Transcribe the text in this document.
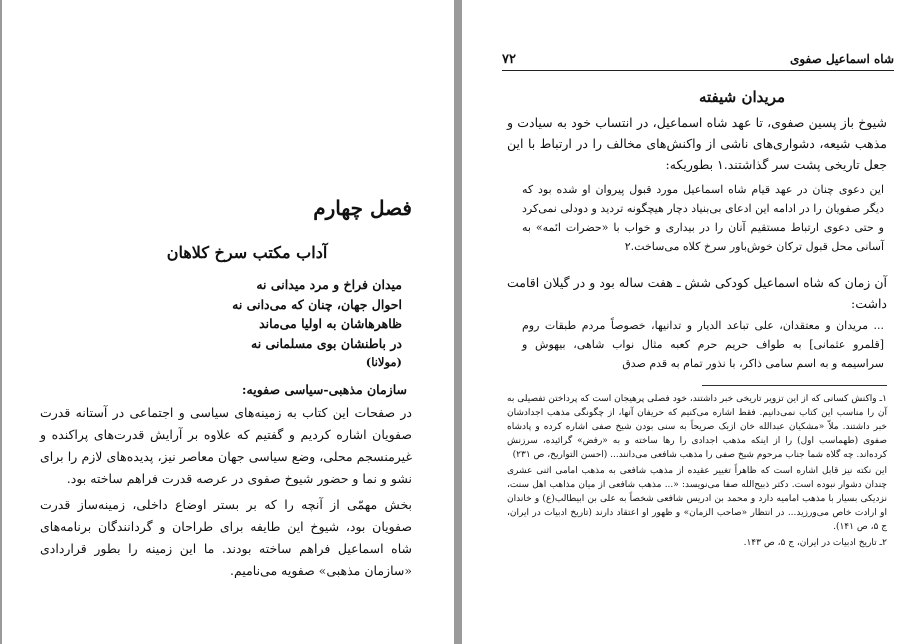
فصل چهارم
آداب مکتب سرخ کلاهان
میدان فراخ و مرد میدانی نه
احوال جهان، چنان که می‌دانی نه
ظاهرهاشان به اولیا می‌ماند
در باطنشان بوی مسلمانی نه
(مولانا)
سازمان مذهبی-سیاسی صفویه:

در صفحات این کتاب به زمینه‌های سیاسی و اجتماعی در آستانه قدرت صفویان اشاره کردیم و گفتیم که علاوه بر آرایش قدرت‌های پراکنده و غیرمنسجم محلی، وضع سیاسی جهان معاصر نیز، پدیده‌های لازم را برای نشو و نما و حضور شیوخ صفوی در عرصه قدرت فراهم ساخته بود.

بخش مهمّی از آنچه را که بر بستر اوضاع داخلی، زمینه‌ساز قدرت صفویان بود، شیوخ این طایفه برای طراحان و گردانندگان برنامه‌های شاه اسماعیل فراهم ساخته بودند. ما این زمینه را بطور قراردادی «سازمان مذهبی» صفویه می‌نامیم.

۷۲	شاه اسماعیل صفوی
مریدان شیفته

شیوخ باز پسین صفوی، تا عهد شاه اسماعیل، در انتساب خود به سیادت و مذهب شیعه، دشواری‌های ناشی از واکنش‌های مخالف را در ارتباط با این جعل تاریخی پشت سر گذاشتند.۱ بطوریکه:

این دعوی چنان در عهد قیام شاه اسماعیل مورد قبول پیروان او شده بود که دیگر صفویان را در ادامه این ادعای بی‌بنیاد دچار هیچگونه تردید و دودلی نمی‌کرد و حتی دعوی ارتباط مستقیم آنان را در بیداری و خواب با «حضرات ائمه» به آسانی محل قبول ترکان خوش‌باور سرخ کلاه می‌ساخت.۲

آن زمان که شاه اسماعیل کودکی شش ـ هفت ساله بود و در گیلان اقامت داشت:

... مریدان و معتقدان، علی تباعد الدیار و تدانیها، خصوصاً مردم طبقات روم [قلمرو عثمانی] به طواف حریم حرم کعبه مثال نواب شاهی، بیهوش و سراسیمه و به اسم سامی ذاکر، با نذور تمام به قدم صدق

۱ـ واکنش کسانی که از این تزویر تاریخی خبر داشتند، خود فصلی پرهیجان است که پرداختن تفصیلی به آن را مناسب این کتاب نمی‌دانیم. فقط اشاره می‌کنیم که حریفان آنها، از چگونگی مذهب اجدادشان خبر داشتند. ملاّ «مشکیان عبدالله خان ازبک صریحاً به سنی بودن شیخ صفی اشاره کرده و پادشاه صفوی (طهماسب اول) را از اینکه مذهب اجدادی را رها ساخته و به «رفض» گرائیده، سرزنش کرده‌اند. چه گلاه شما جناب مرحوم شیخ صفی را مذهب شافعی می‌دانند... (احسن التواریخ، ص ۲۳۱)

این نکته نیز قابل اشاره است که ظاهراً تغییر عقیده از مذهب شافعی به مذهب امامی اثنی عشری چندان دشوار نبوده است. دکتر ذبیح‌الله صفا می‌نویسد: «... مذهب شافعی از میان مذاهب اهل سنت، نزدیکی بسیار با مذهب امامیه دارد و محمد بن ادریس شافعی شخصاً به علی بن ابیطالب(ع) و خاندان او ارادت خاص می‌ورزید... در انتظار «صاحب الزمان» و ظهور او اعتقاد دارند (تاریخ ادبیات در ایران، ج ۵، ص ۱۴۱).

۲ـ تاریخ ادبیات در ایران، ج ۵، ص ۱۴۳.
